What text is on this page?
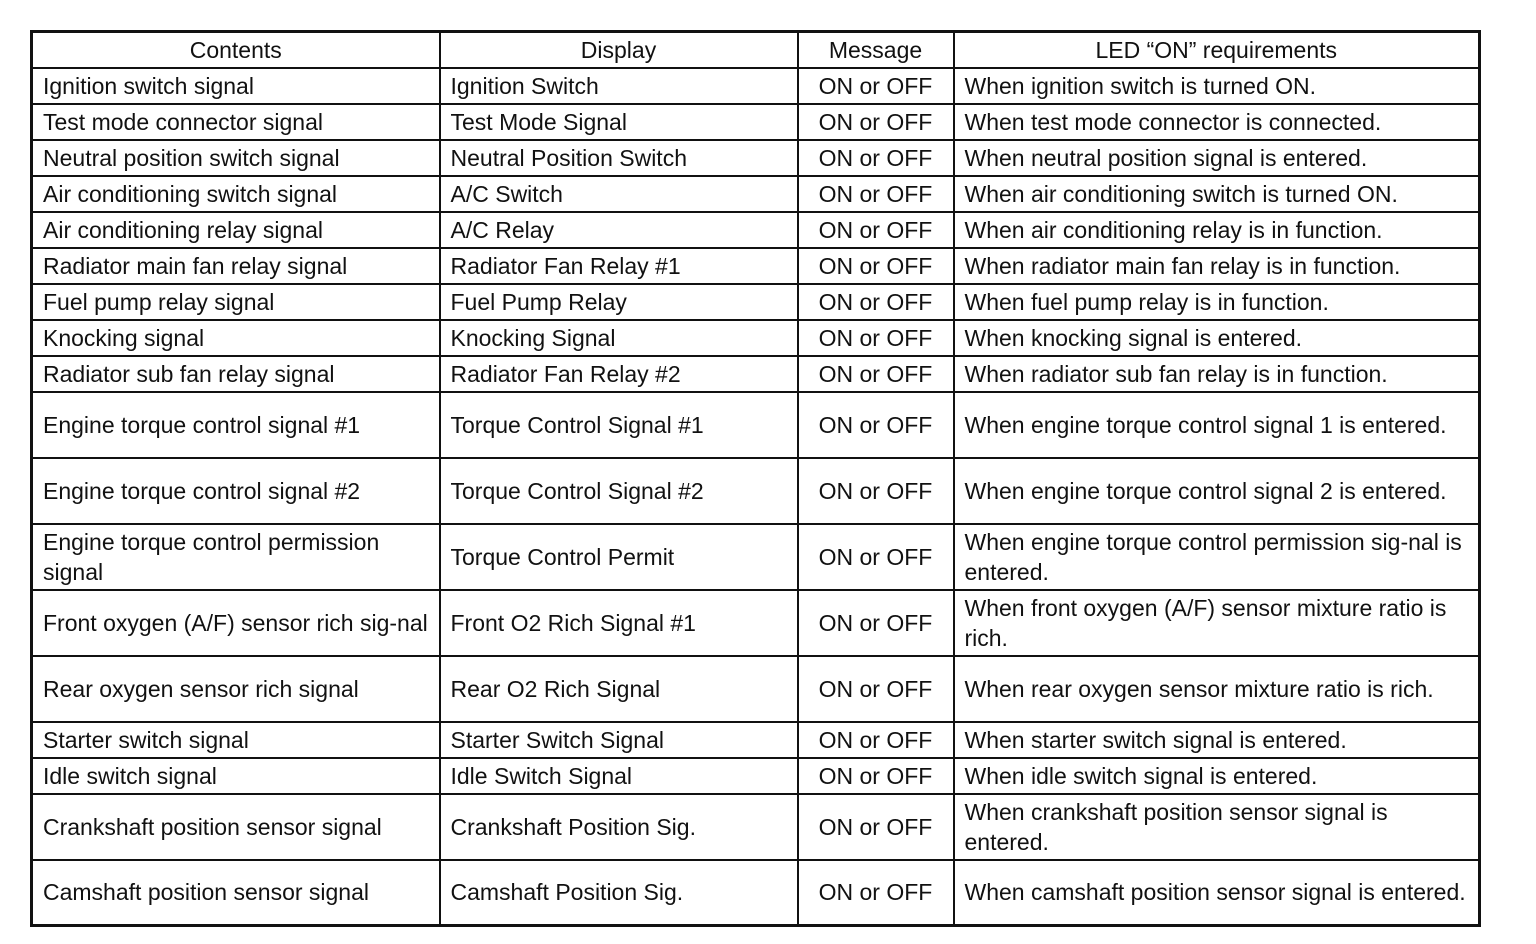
Contents	Display	Message	LED “ON” requirements
Ignition switch signal	Ignition Switch	ON or OFF	When ignition switch is turned ON.
Test mode connector signal	Test Mode Signal	ON or OFF	When test mode connector is connected.
Neutral position switch signal	Neutral Position Switch	ON or OFF	When neutral position signal is entered.
Air conditioning switch signal	A/C Switch	ON or OFF	When air conditioning switch is turned ON.
Air conditioning relay signal	A/C Relay	ON or OFF	When air conditioning relay is in function.
Radiator main fan relay signal	Radiator Fan Relay #1	ON or OFF	When radiator main fan relay is in function.
Fuel pump relay signal	Fuel Pump Relay	ON or OFF	When fuel pump relay is in function.
Knocking signal	Knocking Signal	ON or OFF	When knocking signal is entered.
Radiator sub fan relay signal	Radiator Fan Relay #2	ON or OFF	When radiator sub fan relay is in function.
Engine torque control signal #1	Torque Control Signal #1	ON or OFF	When engine torque control signal 1 is entered.
Engine torque control signal #2	Torque Control Signal #2	ON or OFF	When engine torque control signal 2 is entered.
Engine torque control permission signal	Torque Control Permit	ON or OFF	When engine torque control permission sig-nal is entered.
Front oxygen (A/F) sensor rich sig-nal	Front O2 Rich Signal #1	ON or OFF	When front oxygen (A/F) sensor mixture ratio is rich.
Rear oxygen sensor rich signal	Rear O2 Rich Signal	ON or OFF	When rear oxygen sensor mixture ratio is rich.
Starter switch signal	Starter Switch Signal	ON or OFF	When starter switch signal is entered.
Idle switch signal	Idle Switch Signal	ON or OFF	When idle switch signal is entered.
Crankshaft position sensor signal	Crankshaft Position Sig.	ON or OFF	When crankshaft position sensor signal is entered.
Camshaft position sensor signal	Camshaft Position Sig.	ON or OFF	When camshaft position sensor signal is entered.
